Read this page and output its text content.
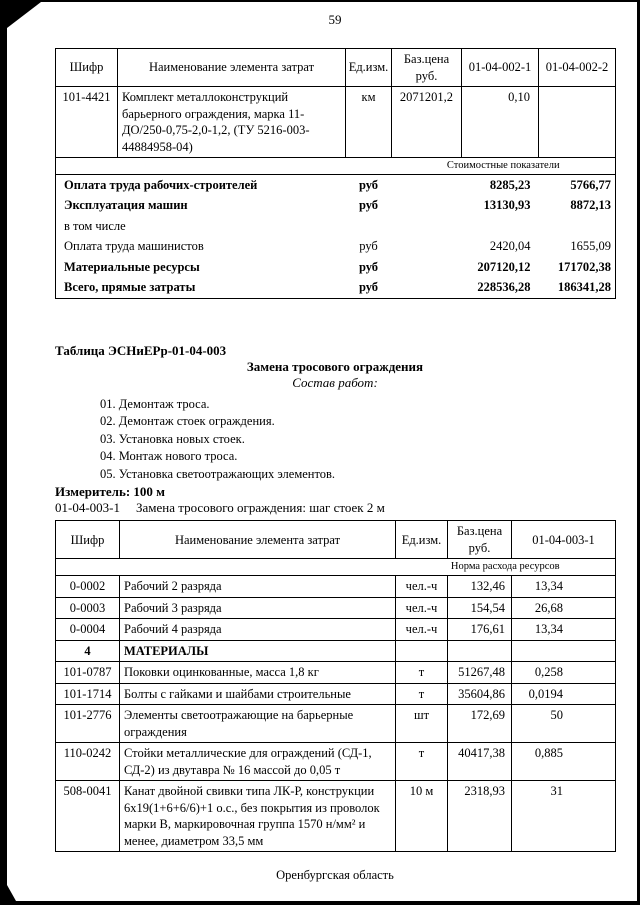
59
Шифр	Наименование элемента затрат	Ед.изм.	Баз.цена руб.	01-04-002-1	01-04-002-2
101-4421	Комплект металлоконструкций барьерного ограждения, марка 11-ДО/250-0,75-2,0-1,2, (ТУ 5216-003-44884958-04)	км	2071201,2	0,10	
			Стоимостные показатели		
Оплата труда рабочих-строителей		руб		8285,23	5766,77
Эксплуатация машин		руб		13130,93	8872,13
в том числе					
Оплата труда машинистов		руб		2420,04	1655,09
Материальные ресурсы		руб		207120,12	171702,38
Всего, прямые затраты		руб		228536,28	186341,28

Таблица ЭСНиЕРр-01-04-003

Замена тросового ограждения

Состав работ:

01. Демонтаж троса.

02. Демонтаж стоек ограждения.

03. Установка новых стоек.

04. Монтаж нового троса.

05. Установка светоотражающих элементов.

Измеритель: 100 м

01-04-003-1 Замена тросового ограждения: шаг стоек 2 м

Шифр	Наименование элемента затрат	Ед.изм.	Баз.цена руб.	01-04-003-1
		Норма расхода ресурсов		
0-0002	Рабочий 2 разряда	чел.-ч	132,46	13,34
0-0003	Рабочий 3 разряда	чел.-ч	154,54	26,68
0-0004	Рабочий 4 разряда	чел.-ч	176,61	13,34
4	МАТЕРИАЛЫ			
101-0787	Поковки оцинкованные, масса 1,8 кг	т	51267,48	0,258
101-1714	Болты с гайками и шайбами строительные	т	35604,86	0,0194
101-2776	Элементы светоотражающие на барьерные ограждения	шт	172,69	50
110-0242	Стойки металлические для ограждений (СД-1, СД-2) из двутавра № 16 массой до 0,05 т	т	40417,38	0,885
508-0041	Канат двойной свивки типа ЛК-Р, конструкции 6х19(1+6+6/6)+1 о.с., без покрытия из проволок марки В, маркировочная группа 1570 н/мм² и менее, диаметром 33,5 мм	10 м	2318,93	31
Оренбургская область
